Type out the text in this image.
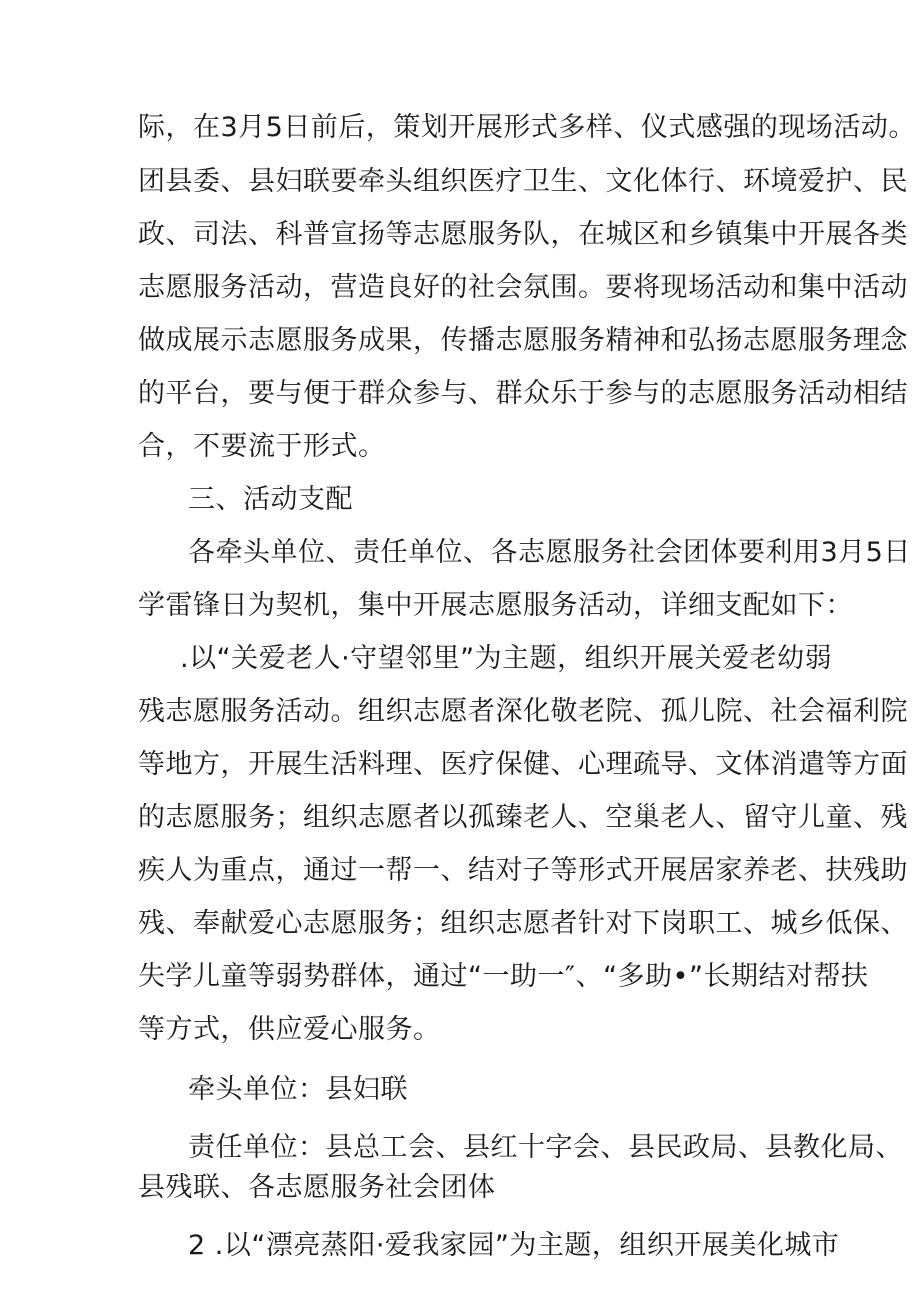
际，在3月5日前后，策划开展形式多样、仪式感强的现场活动。
团县委、县妇联要牵头组织医疗卫生、文化体行、环境爱护、民
政、司法、科普宣扬等志愿服务队，在城区和乡镇集中开展各类
志愿服务活动，营造良好的社会氛围。要将现场活动和集中活动
做成展示志愿服务成果，传播志愿服务精神和弘扬志愿服务理念
的平台，要与便于群众参与、群众乐于参与的志愿服务活动相结
合，不要流于形式。
三、活动支配
各牵头单位、责任单位、各志愿服务社会团体要利用3月5日
学雷锋日为契机，集中开展志愿服务活动，详细支配如下：
.以“关爱老人·守望邻里”为主题，组织开展关爱老幼弱
残志愿服务活动。组织志愿者深化敬老院、孤儿院、社会福利院
等地方，开展生活料理、医疗保健、心理疏导、文体消遣等方面
的志愿服务；组织志愿者以孤臻老人、空巢老人、留守儿童、残
疾人为重点，通过一帮一、结对子等形式开展居家养老、扶残助
残、奉献爱心志愿服务；组织志愿者针对下岗职工、城乡低保、
失学儿童等弱势群体，通过“一助一″、“多助•”长期结对帮扶
等方式，供应爱心服务。
牵头单位：县妇联
责任单位：县总工会、县红十字会、县民政局、县教化局、
县残联、各志愿服务社会团体
2 .以“漂亮蒸阳·爱我家园”为主题，组织开展美化城市
